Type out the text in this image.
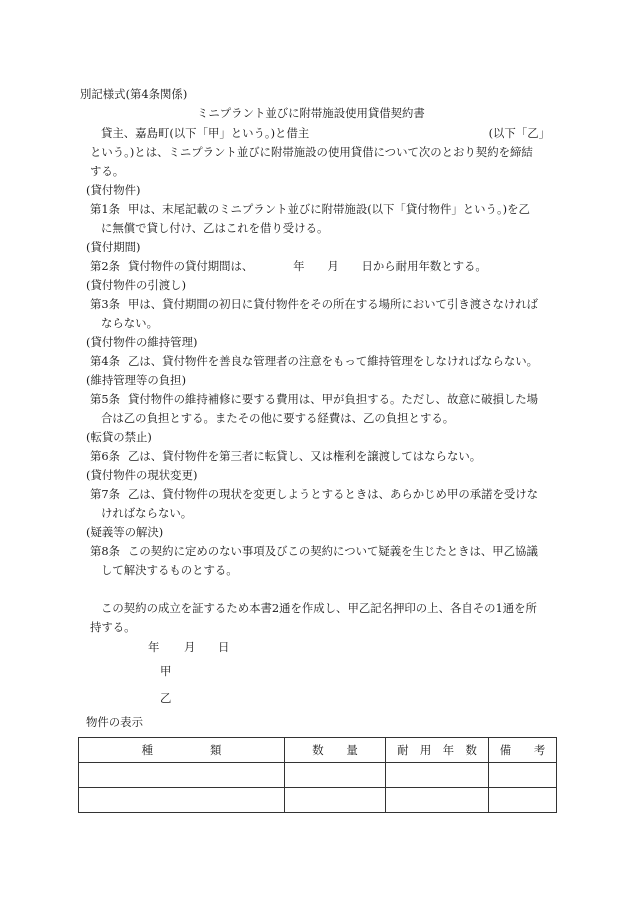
別記様式(第4条関係)
ミニプラント並びに附帯施設使用貸借契約書
貸主、嘉島町(以下「甲」という。)と借主	(以下「乙」
という。)とは、ミニプラント並びに附帯施設の使用貸借について次のとおり契約を締結
する。
(貸付物件)
第1条 甲は、末尾記載のミニプラント並びに附帯施設(以下「貸付物件」という。)を乙
に無償で貸し付け、乙はこれを借り受ける。
(貸付期間)
第2条 貸付物件の貸付期間は、　　　　年　　月　　日から耐用年数とする。
(貸付物件の引渡し)
第3条 甲は、貸付期間の初日に貸付物件をその所在する場所において引き渡さなければ
ならない。
(貸付物件の維持管理)
第4条 乙は、貸付物件を善良な管理者の注意をもって維持管理をしなければならない。
(維持管理等の負担)
第5条 貸付物件の維持補修に要する費用は、甲が負担する。ただし、故意に破損した場
合は乙の負担とする。またその他に要する経費は、乙の負担とする。
(転貸の禁止)
第6条 乙は、貸付物件を第三者に転貸し、又は権利を譲渡してはならない。
(貸付物件の現状変更)
第7条 乙は、貸付物件の現状を変更しようとするときは、あらかじめ甲の承諾を受けな
ければならない。
(疑義等の解決)
第8条 この契約に定めのない事項及びこの契約について疑義を生じたときは、甲乙協議
して解決するものとする。
この契約の成立を証するため本書2通を作成し、甲乙記名押印の上、各自その1通を所
持する。
年 月 日
甲
乙
物件の表示
種　　　　　類	数　　量	耐　用　年　数	備　　考
